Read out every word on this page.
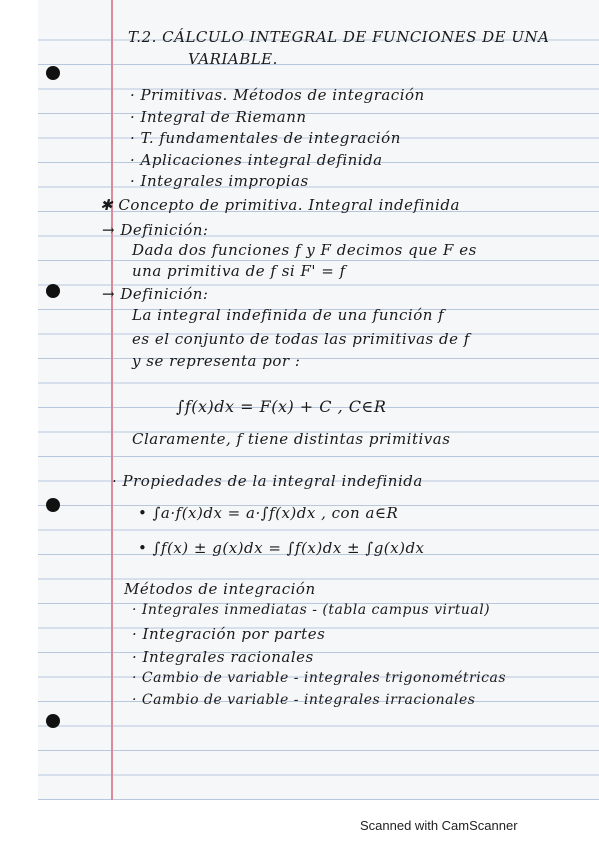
T.2. CÁLCULO INTEGRAL DE FUNCIONES DE UNA
VARIABLE.
· Primitivas. Métodos de integración
· Integral de Riemann
· T. fundamentales de integración
· Aplicaciones integral definida
· Integrales impropias
✱ Concepto de primitiva. Integral indefinida
→ Definición:
Dada dos funciones f y F decimos que F es
una primitiva de f si F' = f
→ Definición:
La integral indefinida de una función f
es el conjunto de todas las primitivas de f
y se representa por :
∫f(x)dx = F(x) + C , C∈R
Claramente, f tiene distintas primitivas
· Propiedades de la integral indefinida
• ∫a·f(x)dx = a·∫f(x)dx , con a∈R
• ∫f(x) ± g(x)dx = ∫f(x)dx ± ∫g(x)dx
Métodos de integración
· Integrales inmediatas - (tabla campus virtual)
· Integración por partes
· Integrales racionales
· Cambio de variable - integrales trigonométricas
· Cambio de variable - integrales irracionales
Scanned with CamScanner
